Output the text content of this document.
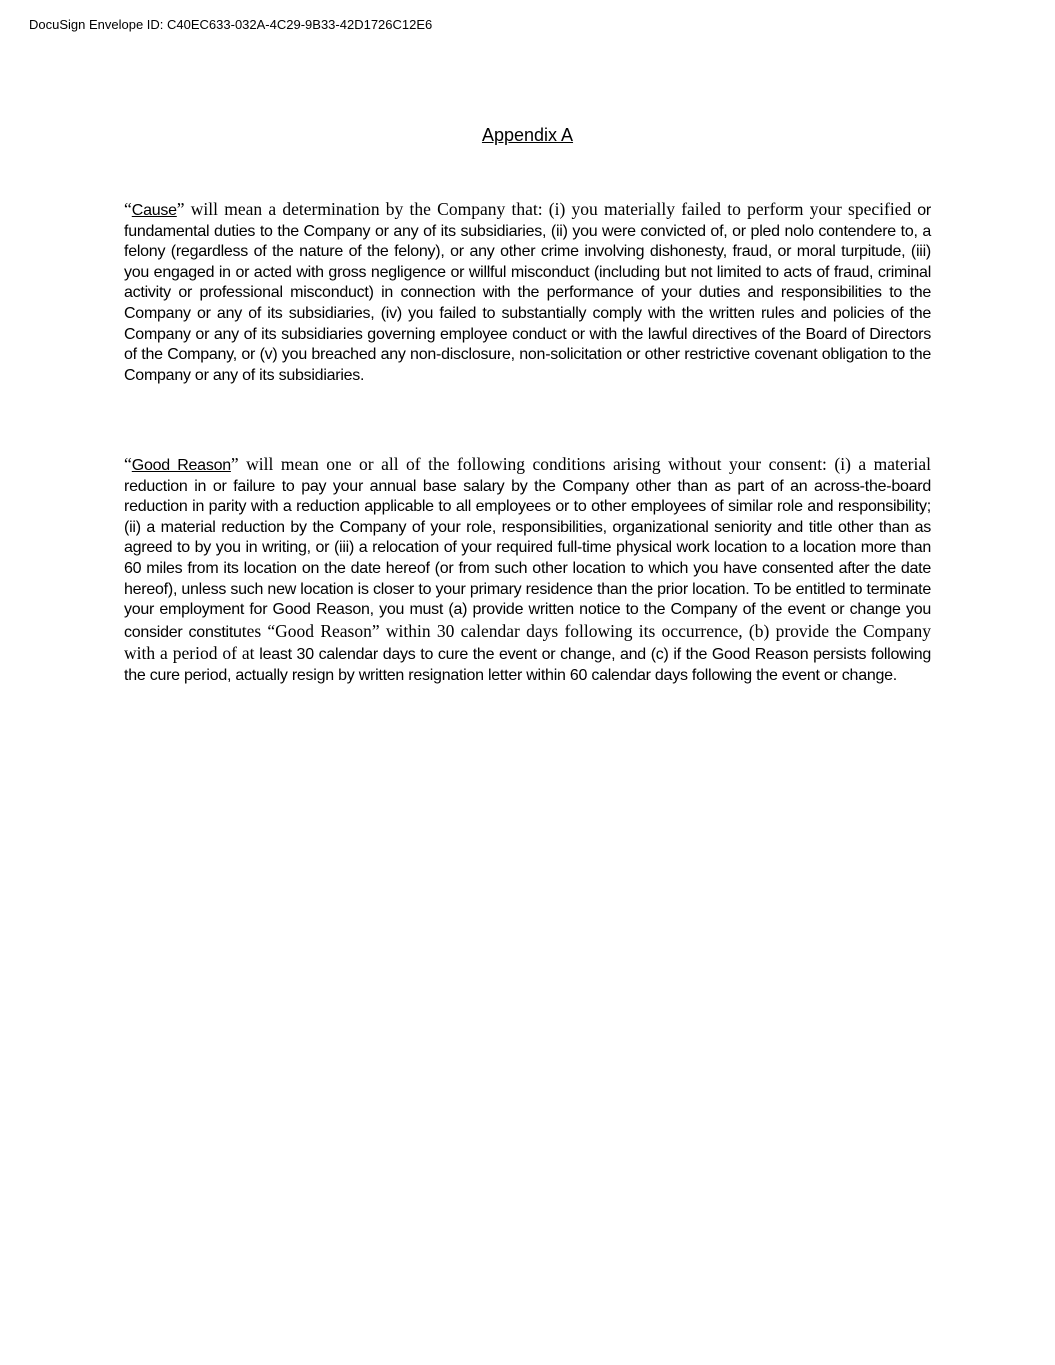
DocuSign Envelope ID: C40EC633-032A-4C29-9B33-42D1726C12E6
Appendix A

“Cause” will mean a determination by the Company that: (i) you materially failed to perform your specified or fundamental duties to the Company or any of its subsidiaries, (ii) you were convicted of, or pled nolo contendere to, a felony (regardless of the nature of the felony), or any other crime involving dishonesty, fraud, or moral turpitude, (iii) you engaged in or acted with gross negligence or willful misconduct (including but not limited to acts of fraud, criminal activity or professional misconduct) in connection with the performance of your duties and responsibilities to the Company or any of its subsidiaries, (iv) you failed to substantially comply with the written rules and policies of the Company or any of its subsidiaries governing employee conduct or with the lawful directives of the Board of Directors of the Company, or (v) you breached any non-disclosure, non-solicitation or other restrictive covenant obligation to the Company or any of its subsidiaries.

“Good Reason” will mean one or all of the following conditions arising without your consent: (i) a material reduction in or failure to pay your annual base salary by the Company other than as part of an across-the-board reduction in parity with a reduction applicable to all employees or to other employees of similar role and responsibility; (ii) a material reduction by the Company of your role, responsibilities, organizational seniority and title other than as agreed to by you in writing, or (iii) a relocation of your required full-time physical work location to a location more than 60 miles from its location on the date hereof (or from such other location to which you have consented after the date hereof), unless such new location is closer to your primary residence than the prior location. To be entitled to terminate your employment for Good Reason, you must (a) provide written notice to the Company of the event or change you consider constitutes “Good Reason” within 30 calendar days following its occurrence, (b) provide the Company with a period of at least 30 calendar days to cure the event or change, and (c) if the Good Reason persists following the cure period, actually resign by written resignation letter within 60 calendar days following the event or change.
